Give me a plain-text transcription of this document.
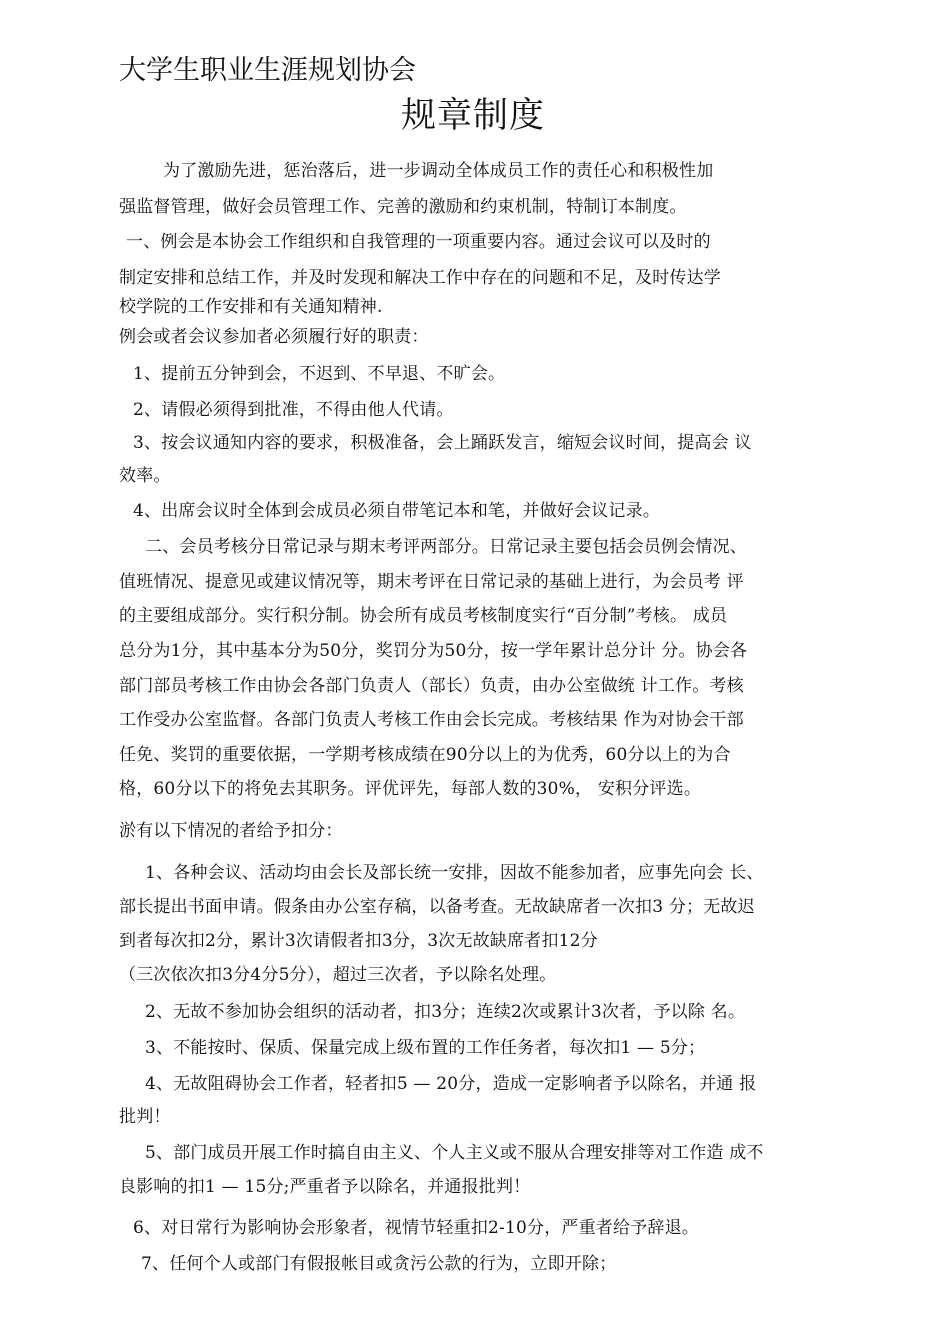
大学生职业生涯规划协会
规章制度
为了激励先进，惩治落后，进一步调动全体成员工作的责任心和积极性加
强监督管理，做好会员管理工作、完善的激励和约束机制，特制订本制度。
一、例会是本协会工作组织和自我管理的一项重要内容。通过会议可以及时的
制定安排和总结工作，并及时发现和解决工作中存在的问题和不足，及时传达学
校学院的工作安排和有关通知精神.
例会或者会议参加者必须履行好的职责：
1、提前五分钟到会，不迟到、不早退、不旷会。
2、请假必须得到批准，不得由他人代请。
3、按会议通知内容的要求，积极准备，会上踊跃发言，缩短会议时间，提高会 议
效率。
4、出席会议时全体到会成员必须自带笔记本和笔，并做好会议记录。
二、会员考核分日常记录与期末考评两部分。日常记录主要包括会员例会情况、
值班情况、提意见或建议情况等，期末考评在日常记录的基础上进行，为会员考 评
的主要组成部分。实行积分制。协会所有成员考核制度实行“百分制”考核。 成员
总分为1分，其中基本分为50分，奖罚分为50分，按一学年累计总分计 分。协会各
部门部员考核工作由协会各部门负责人（部长）负责，由办公室做统 计工作。考核
工作受办公室监督。各部门负责人考核工作由会长完成。考核结果 作为对协会干部
任免、奖罚的重要依据，一学期考核成绩在90分以上的为优秀，60分以上的为合
格，60分以下的将免去其职务。评优评先，每部人数的30%， 安积分评选。
淤有以下情况的者给予扣分：
1、各种会议、活动均由会长及部长统一安排，因故不能参加者，应事先向会 长、
部长提出书面申请。假条由办公室存稿，以备考查。无故缺席者一次扣3 分；无故迟
到者每次扣2分，累计3次请假者扣3分，3次无故缺席者扣12分
（三次依次扣3分4分5分），超过三次者，予以除名处理。
2、无故不参加协会组织的活动者，扣3分；连续2次或累计3次者，予以除 名。
3、不能按时、保质、保量完成上级布置的工作任务者，每次扣1 — 5分；
4、无故阻碍协会工作者，轻者扣5 — 20分，造成一定影响者予以除名，并通 报
批判！
5、部门成员开展工作时搞自由主义、个人主义或不服从合理安排等对工作造 成不
良影响的扣1 — 15分;严重者予以除名，并通报批判！
6、对日常行为影响协会形象者，视情节轻重扣2-10分，严重者给予辞退。
7、任何个人或部门有假报帐目或贪污公款的行为，立即开除；
